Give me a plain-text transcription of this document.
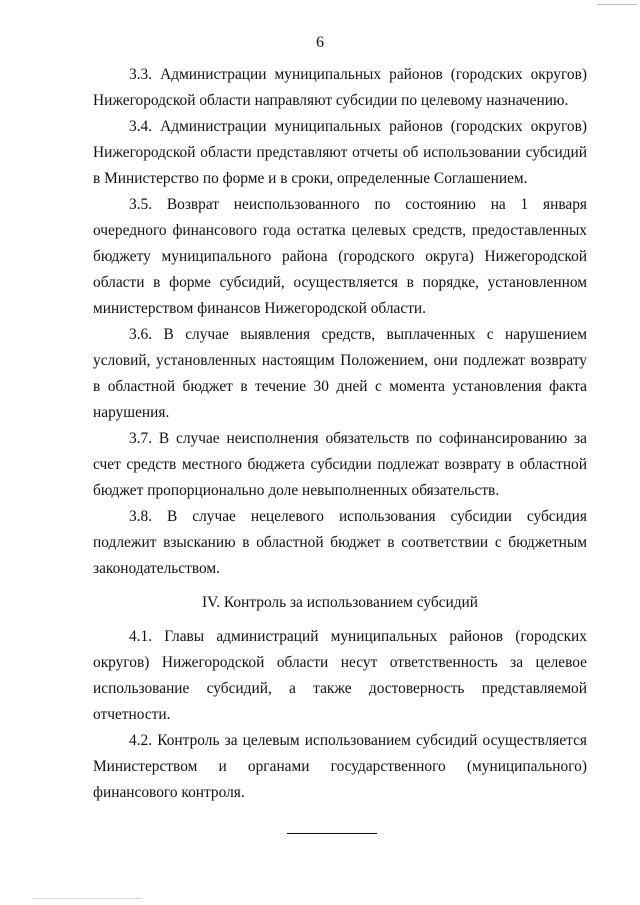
6

3.3. Администрации муниципальных районов (городских округов) Нижегородской области направляют субсидии по целевому назначению.

3.4. Администрации муниципальных районов (городских округов) Нижегородской области представляют отчеты об использовании субсидий в Министерство по форме и в сроки, определенные Соглашением.

3.5. Возврат неиспользованного по состоянию на 1 января очередного финансового года остатка целевых средств, предоставленных бюджету муниципального района (городского округа) Нижегородской области в форме субсидий, осуществляется в порядке, установленном министерством финансов Нижегородской области.

3.6. В случае выявления средств, выплаченных с нарушением условий, установленных настоящим Положением, они подлежат возврату в областной бюджет в течение 30 дней с момента установления факта нарушения.

3.7. В случае неисполнения обязательств по софинансированию за счет средств местного бюджета субсидии подлежат возврату в областной бюджет пропорционально доле невыполненных обязательств.

3.8. В случае нецелевого использования субсидии субсидия подлежит взысканию в областной бюджет в соответствии с бюджетным законодательством.

IV. Контроль за использованием субсидий

4.1. Главы администраций муниципальных районов (городских округов) Нижегородской области несут ответственность за целевое использование субсидий, а также достоверность представляемой отчетности.

4.2. Контроль за целевым использованием субсидий осуществляется Министерством и органами государственного (муниципального) финансового контроля.
